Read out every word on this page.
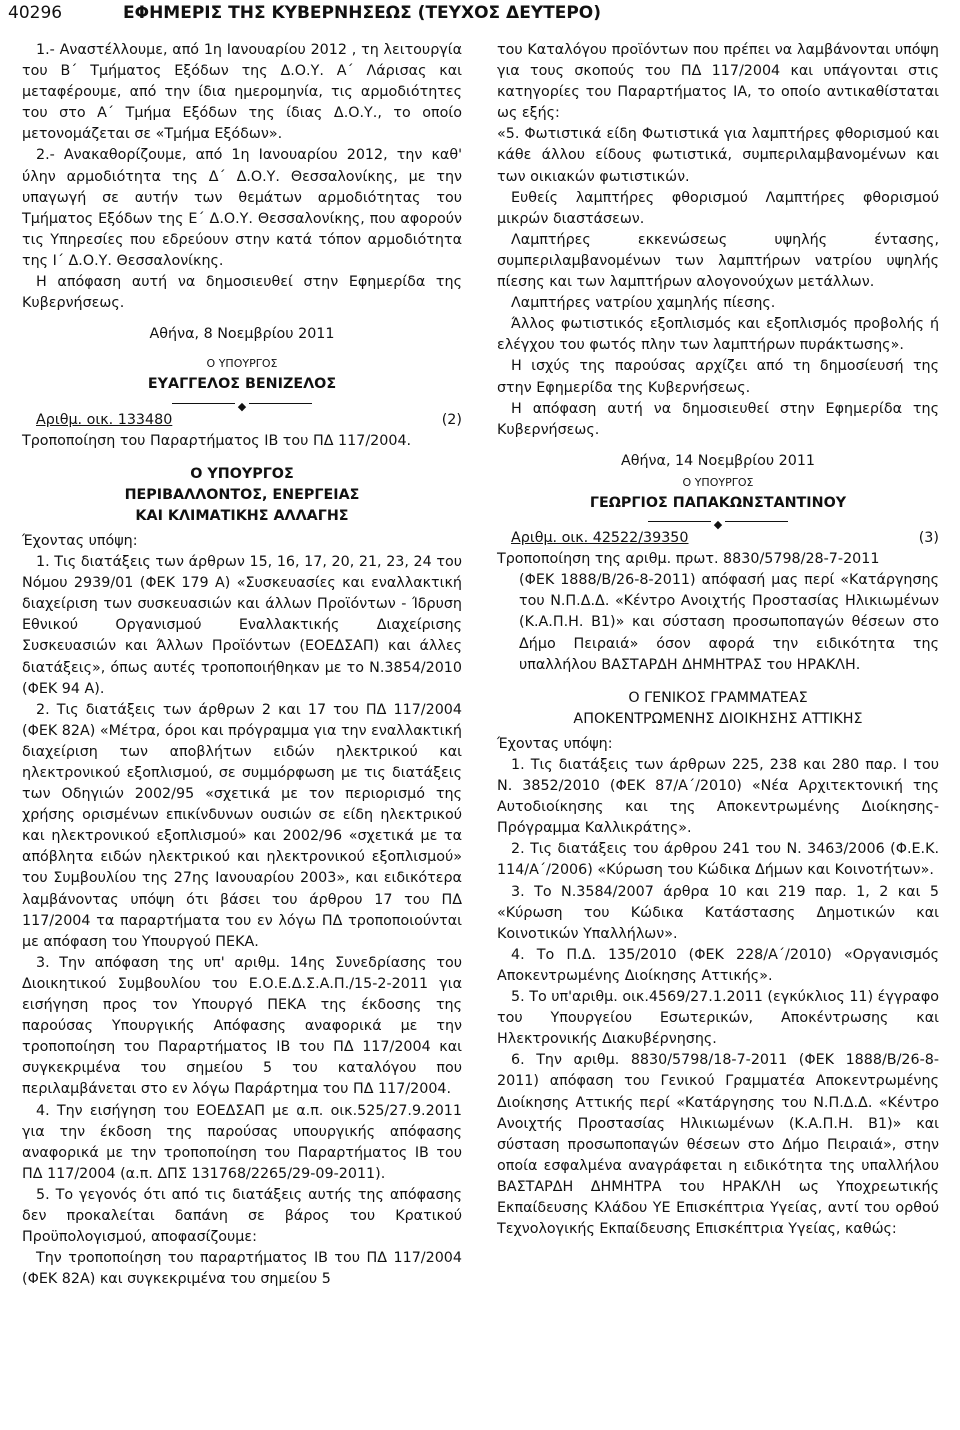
40296	ΕΦΗΜΕΡΙΣ ΤΗΣ ΚΥΒΕΡΝΗΣΕΩΣ (ΤΕΥΧΟΣ ΔΕΥΤΕΡΟ)

1.- Αναστέλλουμε, από 1η Ιανουαρίου 2012 , τη λειτουργία του Β΄ Τμήματος Εξόδων της Δ.Ο.Υ. Α΄ Λάρισας και μεταφέρουμε, από την ίδια ημερομηνία, τις αρμοδιότητες του στο Α΄ Τμήμα Εξόδων της ίδιας Δ.Ο.Υ., το οποίο μετονομάζεται σε «Τμήμα Εξόδων».

2.- Ανακαθορίζουμε, από 1η Ιανουαρίου 2012, την καθ' ύλην αρμοδιότητα της Δ΄ Δ.Ο.Υ. Θεσσαλονίκης, με την υπαγωγή σε αυτήν των θεμάτων αρμοδιότητας του Τμήματος Εξόδων της Ε΄ Δ.Ο.Υ. Θεσσαλονίκης, που αφορούν τις Υπηρεσίες που εδρεύουν στην κατά τόπον αρμοδιότητα της Ι΄ Δ.Ο.Υ. Θεσσαλονίκης.

Η απόφαση αυτή να δημοσιευθεί στην Εφημερίδα της Κυβερνήσεως.

Αθήνα, 8 Νοεμβρίου 2011

Ο ΥΠΟΥΡΓΟΣ

ΕΥΑΓΓΕΛΟΣ ΒΕΝΙΖΕΛΟΣ

◆

Αριθμ. οικ. 133480	(2)

Τροποποίηση του Παραρτήματος ΙΒ του ΠΔ 117/2004.

Ο ΥΠΟΥΡΓΟΣ

ΠΕΡΙΒΑΛΛΟΝΤΟΣ, ΕΝΕΡΓΕΙΑΣ

ΚΑΙ ΚΛΙΜΑΤΙΚΗΣ ΑΛΛΑΓΗΣ

Έχοντας υπόψη:

1. Τις διατάξεις των άρθρων 15, 16, 17, 20, 21, 23, 24 του Νόμου 2939/01 (ΦΕΚ 179 Α) «Συσκευασίες και εναλλακτική διαχείριση των συσκευασιών και άλλων Προϊόντων - Ίδρυση Εθνικού Οργανισμού Εναλλακτικής Διαχείρισης Συσκευασιών και Άλλων Προϊόντων (ΕΟΕΔΣΑΠ) και άλλες διατάξεις», όπως αυτές τροποποιήθηκαν με το Ν.3854/2010 (ΦΕΚ 94 Α).

2. Τις διατάξεις των άρθρων 2 και 17 του ΠΔ 117/2004 (ΦΕΚ 82Α) «Μέτρα, όροι και πρόγραμμα για την εναλλακτική διαχείριση των αποβλήτων ειδών ηλεκτρικού και ηλεκτρονικού εξοπλισμού, σε συμμόρφωση με τις διατάξεις των Οδηγιών 2002/95 «σχετικά με τον περιορισμό της χρήσης ορισμένων επικίνδυνων ουσιών σε είδη ηλεκτρικού και ηλεκτρονικού εξοπλισμού» και 2002/96 «σχετικά με τα απόβλητα ειδών ηλεκτρικού και ηλεκτρονικού εξοπλισμού» του Συμβουλίου της 27ης Ιανουαρίου 2003», και ειδικότερα λαμβάνοντας υπόψη ότι βάσει του άρθρου 17 του ΠΔ 117/2004 τα παραρτήματα του εν λόγω ΠΔ τροποποιούνται με απόφαση του Υπουργού ΠΕΚΑ.

3. Την απόφαση της υπ' αριθμ. 14ης Συνεδρίασης του Διοικητικού Συμβουλίου του Ε.Ο.Ε.Δ.Σ.Α.Π./15-2-2011 για εισήγηση προς τον Υπουργό ΠΕΚΑ της έκδοσης της παρούσας Υπουργικής Απόφασης αναφορικά με την τροποποίηση του Παραρτήματος ΙΒ του ΠΔ 117/2004 και συγκεκριμένα του σημείου 5 του καταλόγου που περιλαμβάνεται στο εν λόγω Παράρτημα του ΠΔ 117/2004.

4. Την εισήγηση του ΕΟΕΔΣΑΠ με α.π. οικ.525/27.9.2011 για την έκδοση της παρούσας υπουργικής απόφασης αναφορικά με την τροποποίηση του Παραρτήματος ΙΒ του ΠΔ 117/2004 (α.π. ΔΠΣ 131768/2265/29-09-2011).

5. Το γεγονός ότι από τις διατάξεις αυτής της απόφασης δεν προκαλείται δαπάνη σε βάρος του Κρατικού Προϋπολογισμού, αποφασίζουμε:

Την τροποποίηση του παραρτήματος ΙΒ του ΠΔ 117/2004 (ΦΕΚ 82Α) και συγκεκριμένα του σημείου 5

του Καταλόγου προϊόντων που πρέπει να λαμβάνονται υπόψη για τους σκοπούς του ΠΔ 117/2004 και υπάγονται στις κατηγορίες του Παραρτήματος ΙΑ, το οποίο αντικαθίσταται ως εξής:

«5. Φωτιστικά είδη Φωτιστικά για λαμπτήρες φθορισμού και κάθε άλλου είδους φωτιστικά, συμπεριλαμβανομένων και των οικιακών φωτιστικών.

Ευθείς λαμπτήρες φθορισμού Λαμπτήρες φθορισμού μικρών διαστάσεων.

Λαμπτήρες εκκενώσεως υψηλής έντασης, συμπεριλαμβανομένων των λαμπτήρων νατρίου υψηλής πίεσης και των λαμπτήρων αλογονούχων μετάλλων.

Λαμπτήρες νατρίου χαμηλής πίεσης.

Άλλος φωτιστικός εξοπλισμός και εξοπλισμός προβολής ή ελέγχου του φωτός πλην των λαμπτήρων πυράκτωσης».

Η ισχύς της παρούσας αρχίζει από τη δημοσίευσή της στην Εφημερίδα της Κυβερνήσεως.

Η απόφαση αυτή να δημοσιευθεί στην Εφημερίδα της Κυβερνήσεως.

Αθήνα, 14 Νοεμβρίου 2011

Ο ΥΠΟΥΡΓΟΣ

ΓΕΩΡΓΙΟΣ ΠΑΠΑΚΩΝΣΤΑΝΤΙΝΟΥ

◆

Αριθμ. οικ. 42522/39350	(3)

Τροποποίηση της αριθμ. πρωτ. 8830/5798/28-7-2011

(ΦΕΚ 1888/Β/26-8-2011) απόφασή μας περί «Κατάργησης του Ν.Π.Δ.Δ. «Κέντρο Ανοιχτής Προστασίας Ηλικιωμένων (Κ.Α.Π.Η. Β1)» και σύσταση προσωποπαγών θέσεων στο Δήμο Πειραιά» όσον αφορά την ειδικότητα της υπαλλήλου ΒΑΣΤΑΡΔΗ ΔΗΜΗΤΡΑΣ του ΗΡΑΚΛΗ.

Ο ΓΕΝΙΚΟΣ ΓΡΑΜΜΑΤΕΑΣ

ΑΠΟΚΕΝΤΡΩΜΕΝΗΣ ΔΙΟΙΚΗΣΗΣ ΑΤΤΙΚΗΣ

Έχοντας υπόψη:

1. Τις διατάξεις των άρθρων 225, 238 και 280 παρ. Ι του Ν. 3852/2010 (ΦΕΚ 87/Α΄/2010) «Νέα Αρχιτεκτονική της Αυτοδιοίκησης και της Αποκεντρωμένης Διοίκησης- Πρόγραμμα Καλλικράτης».

2. Τις διατάξεις του άρθρου 241 του Ν. 3463/2006 (Φ.Ε.Κ. 114/Α΄/2006) «Κύρωση του Κώδικα Δήμων και Κοινοτήτων».

3. Το Ν.3584/2007 άρθρα 10 και 219 παρ. 1, 2 και 5 «Κύρωση του Κώδικα Κατάστασης Δημοτικών και Κοινοτικών Υπαλλήλων».

4. Το Π.Δ. 135/2010 (ΦΕΚ 228/Α΄/2010) «Οργανισμός Αποκεντρωμένης Διοίκησης Αττικής».

5. Το υπ'αριθμ. οικ.4569/27.1.2011 (εγκύκλιος 11) έγγραφο του Υπουργείου Εσωτερικών, Αποκέντρωσης και Ηλεκτρονικής Διακυβέρνησης.

6. Την αριθμ. 8830/5798/18-7-2011 (ΦΕΚ 1888/Β/26-8-2011) απόφαση του Γενικού Γραμματέα Αποκεντρωμένης Διοίκησης Αττικής περί «Κατάργησης του Ν.Π.Δ.Δ. «Κέντρο Ανοιχτής Προστασίας Ηλικιωμένων (Κ.Α.Π.Η. Β1)» και σύσταση προσωποπαγών θέσεων στο Δήμο Πειραιά», στην οποία εσφαλμένα αναγράφεται η ειδικότητα της υπαλλήλου ΒΑΣΤΑΡΔΗ ΔΗΜΗΤΡΑ του ΗΡΑΚΛΗ ως Υποχρεωτικής Εκπαίδευσης Κλάδου ΥΕ Επισκέπτρια Υγείας, αντί του ορθού Τεχνολογικής Εκπαίδευσης Επισκέπτρια Υγείας, καθώς:
